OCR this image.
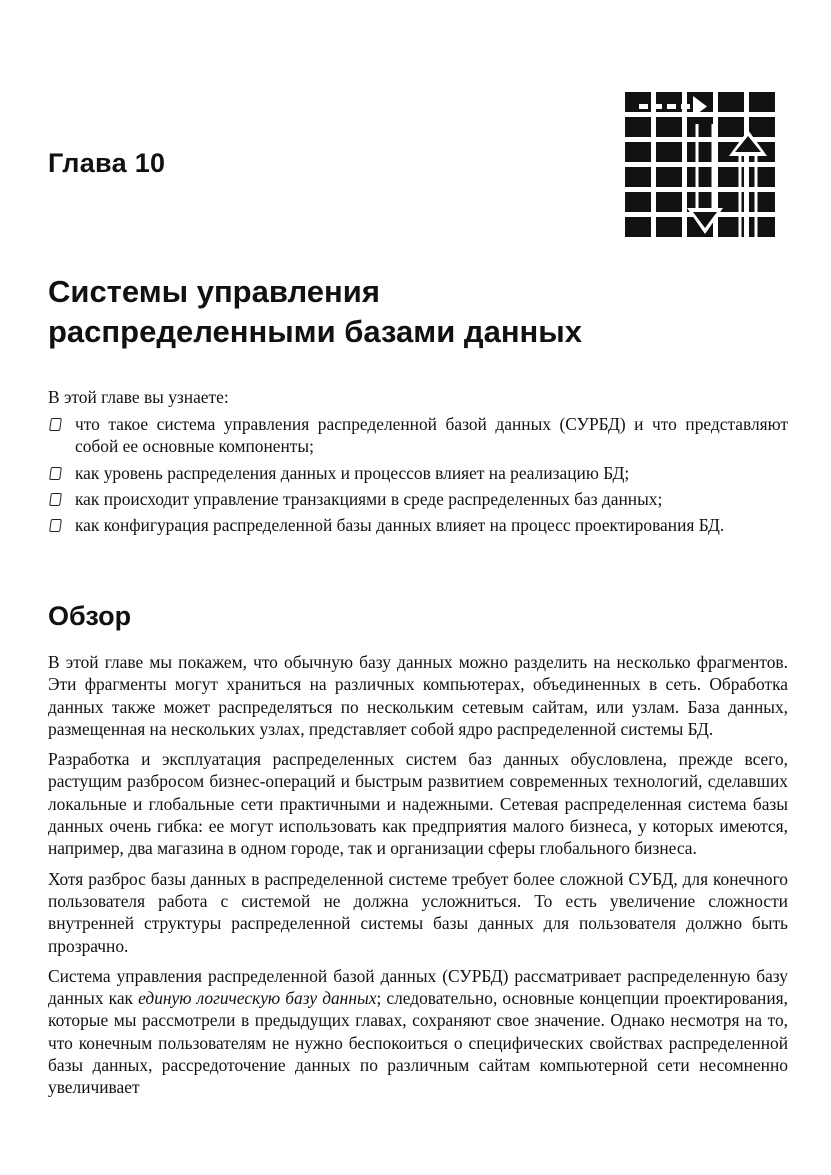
Глава 10
Системы управления
распределенными базами данных

В этой главе вы узнаете:

что такое система управления распределенной базой данных (СУРБД) и что представляют собой ее основные компоненты;
как уровень распределения данных и процессов влияет на реализацию БД;
как происходит управление транзакциями в среде распределенных баз данных;
как конфигурация распределенной базы данных влияет на процесс проектирования БД.
Обзор

В этой главе мы покажем, что обычную базу данных можно разделить на несколько фрагментов. Эти фрагменты могут храниться на различных компьютерах, объединенных в сеть. Обработка данных также может распределяться по нескольким сетевым сайтам, или узлам. База данных, размещенная на нескольких узлах, представляет собой ядро распределенной системы БД.

Разработка и эксплуатация распределенных систем баз данных обусловлена, прежде всего, растущим разбросом бизнес-операций и быстрым развитием современных технологий, сделавших локальные и глобальные сети практичными и надежными. Сетевая распределенная система базы данных очень гибка: ее могут использовать как предприятия малого бизнеса, у которых имеются, например, два магазина в одном городе, так и организации сферы глобального бизнеса.

Хотя разброс базы данных в распределенной системе требует более сложной СУБД, для конечного пользователя работа с системой не должна усложниться. То есть увеличение сложности внутренней структуры распределенной системы базы данных для пользователя должно быть прозрачно.

Система управления распределенной базой данных (СУРБД) рассматривает распределенную базу данных как единую логическую базу данных; следовательно, основные концепции проектирования, которые мы рассмотрели в предыдущих главах, сохраняют свое значение. Однако несмотря на то, что конечным пользователям не нужно беспокоиться о специфических свойствах распределенной базы данных, рассредоточение данных по различным сайтам компьютерной сети несомненно увеличивает
